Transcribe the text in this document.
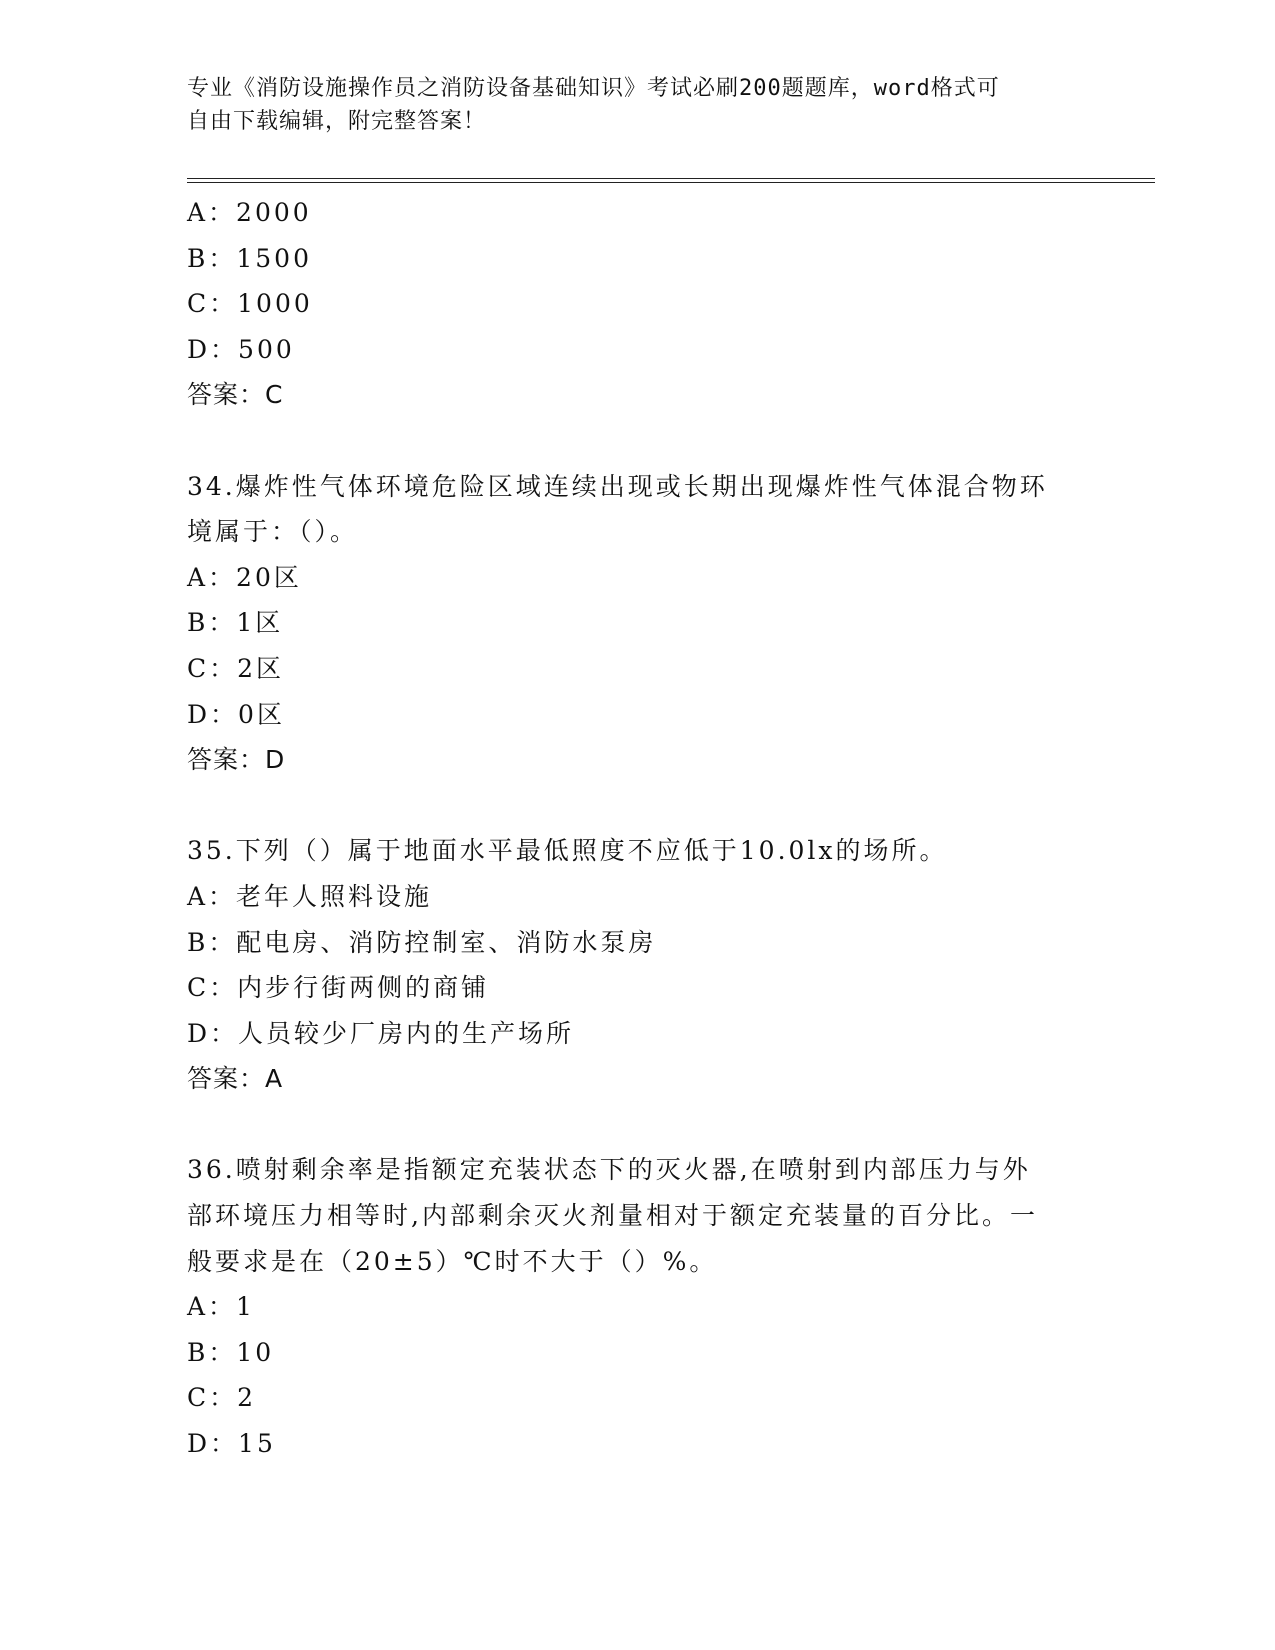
专业《消防设施操作员之消防设备基础知识》考试必刷200题题库，word格式可
自由下载编辑，附完整答案！
A：2000
B：1500
C：1000
D：500
答案：C
34.爆炸性气体环境危险区域连续出现或长期出现爆炸性气体混合物环
境属于：（）。
A：20区
B：1区
C：2区
D：0区
答案：D
35.下列（）属于地面水平最低照度不应低于10.0lx的场所。
A：老年人照料设施
B：配电房、消防控制室、消防水泵房
C：内步行街两侧的商铺
D：人员较少厂房内的生产场所
答案：A
36.喷射剩余率是指额定充装状态下的灭火器,在喷射到内部压力与外
部环境压力相等时,内部剩余灭火剂量相对于额定充装量的百分比。一
般要求是在（20±5）℃时不大于（）%。
A：1
B：10
C：2
D：15
